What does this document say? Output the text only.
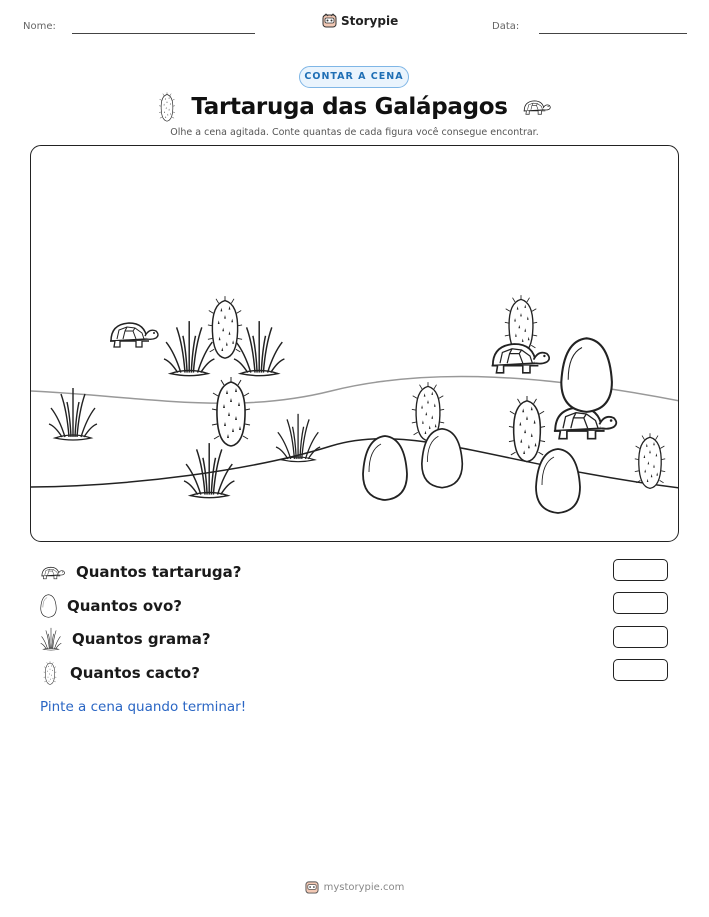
Nome:	Storypie	Data:
CONTAR A CENA
Tartaruga das Galápagos
Olhe a cena agitada. Conte quantas de cada figura você consegue encontrar.
Quantos tartaruga?
Quantos ovo?
Quantos grama?
Quantos cacto?
Pinte a cena quando terminar!
mystorypie.com
